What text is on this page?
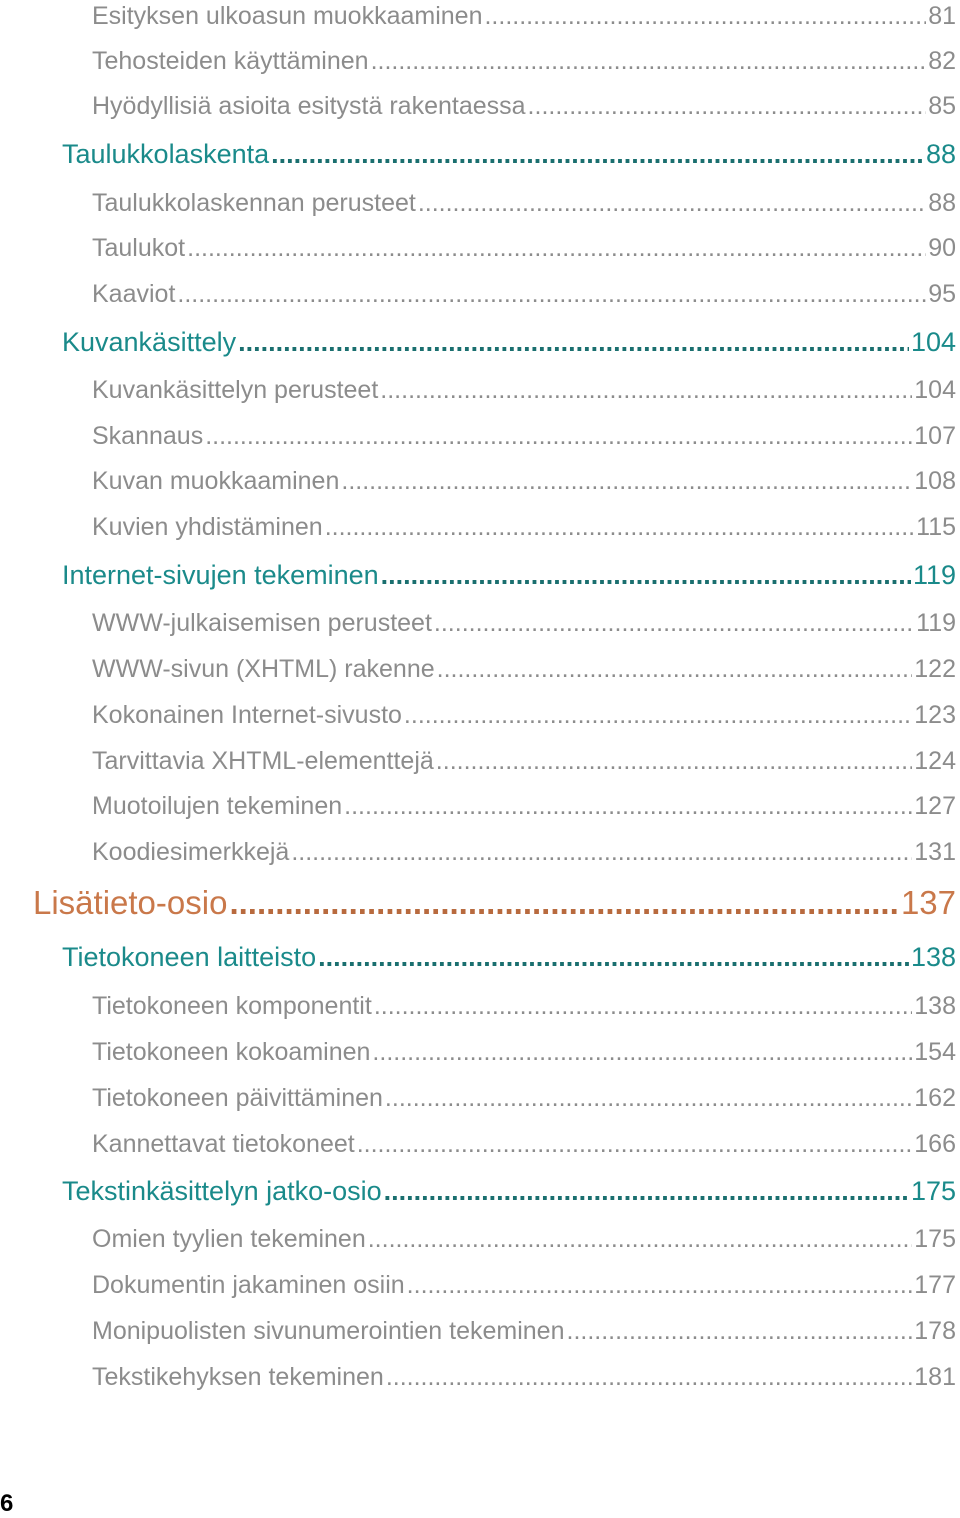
Esityksen ulkoasun muokkaaminen .....	81
Tehosteiden käyttäminen .....	82
Hyödyllisiä asioita esitystä rakentaessa .....	85
Taulukkolaskenta .....	88
Taulukkolaskennan perusteet .....	88
Taulukot .....	90
Kaaviot .....	95
Kuvankäsittely .....	104
Kuvankäsittelyn perusteet .....	104
Skannaus .....	107
Kuvan muokkaaminen .....	108
Kuvien yhdistäminen .....	115
Internet-sivujen tekeminen .....	119
WWW-julkaisemisen perusteet .....	119
WWW-sivun (XHTML) rakenne .....	122
Kokonainen Internet-sivusto .....	123
Tarvittavia XHTML-elementtejä .....	124
Muotoilujen tekeminen .....	127
Koodiesimerkkejä .....	131
Lisätieto-osio .....	137
Tietokoneen laitteisto .....	138
Tietokoneen komponentit .....	138
Tietokoneen kokoaminen .....	154
Tietokoneen päivittäminen .....	162
Kannettavat tietokoneet .....	166
Tekstinkäsittelyn jatko-osio .....	175
Omien tyylien tekeminen .....	175
Dokumentin jakaminen osiin .....	177
Monipuolisten sivunumerointien tekeminen .....	178
Tekstikehyksen tekeminen .....	181
6
